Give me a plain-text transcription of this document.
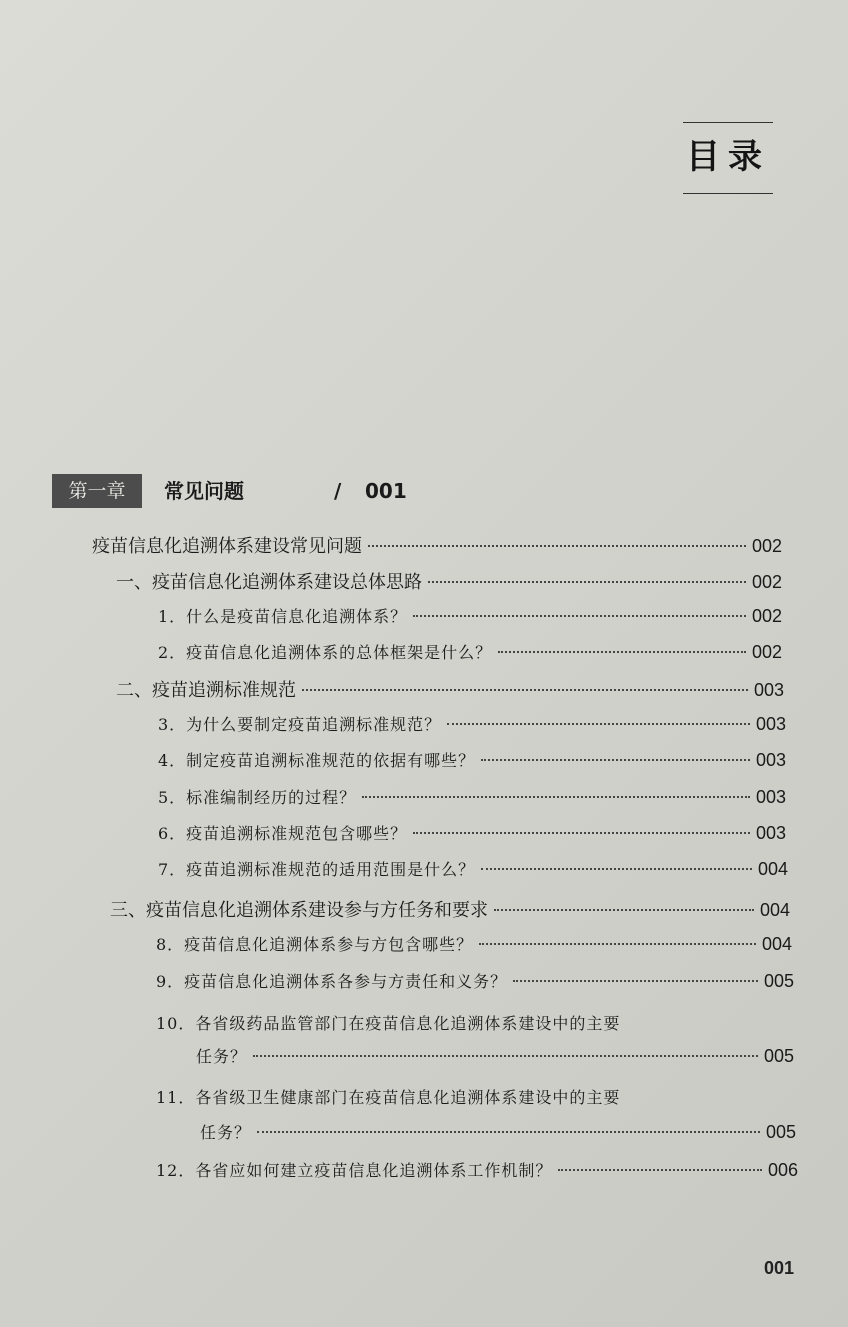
目录
第一章	常见问题	/ 001
疫苗信息化追溯体系建设常见问题	002
一、疫苗信息化追溯体系建设总体思路	002
1．什么是疫苗信息化追溯体系？	002
2．疫苗信息化追溯体系的总体框架是什么？	002
二、疫苗追溯标准规范	003
3．为什么要制定疫苗追溯标准规范？	003
4．制定疫苗追溯标准规范的依据有哪些？	003
5．标准编制经历的过程？	003
6．疫苗追溯标准规范包含哪些？	003
7．疫苗追溯标准规范的适用范围是什么？	004
三、疫苗信息化追溯体系建设参与方任务和要求	004
8．疫苗信息化追溯体系参与方包含哪些？	004
9．疫苗信息化追溯体系各参与方责任和义务？	005
10．各省级药品监管部门在疫苗信息化追溯体系建设中的主要
任务？	005
11．各省级卫生健康部门在疫苗信息化追溯体系建设中的主要
任务？	005
12．各省应如何建立疫苗信息化追溯体系工作机制？	006
001
